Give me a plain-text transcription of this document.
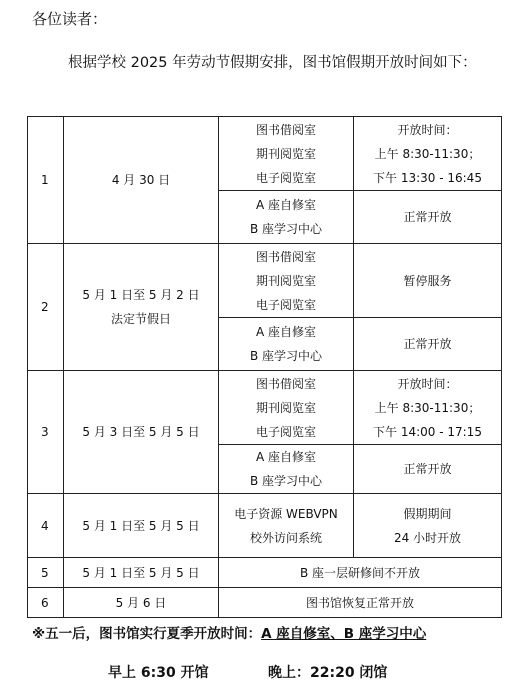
各位读者：
根据学校 2025 年劳动节假期安排，图书馆假期开放时间如下：
1	4 月 30 日	图书借阅室
期刊阅览室
电子阅览室	开放时间：
上午 8:30-11:30；
下午 13:30 - 16:45

		A 座自修室
B 座学习中心	正常开放
2	5 月 1 日至 5 月 2 日
法定节假日	图书借阅室
期刊阅览室
电子阅览室	暂停服务

		A 座自修室
B 座学习中心	正常开放
3	5 月 3 日至 5 月 5 日	图书借阅室
期刊阅览室
电子阅览室	开放时间：
上午 8:30-11:30；
下午 14:00 - 17:15

		A 座自修室
B 座学习中心	正常开放
4	5 月 1 日至 5 月 5 日	电子资源 WEBVPN
校外访问系统	假期期间
24 小时开放

5	5 月 1 日至 5 月 5 日	B 座一层研修间不开放	
6	5 月 6 日	图书馆恢复正常开放	
※五一后，图书馆实行夏季开放时间：A 座自修室、B 座学习中心
早上 6:30 开馆	晚上：22:20 闭馆
